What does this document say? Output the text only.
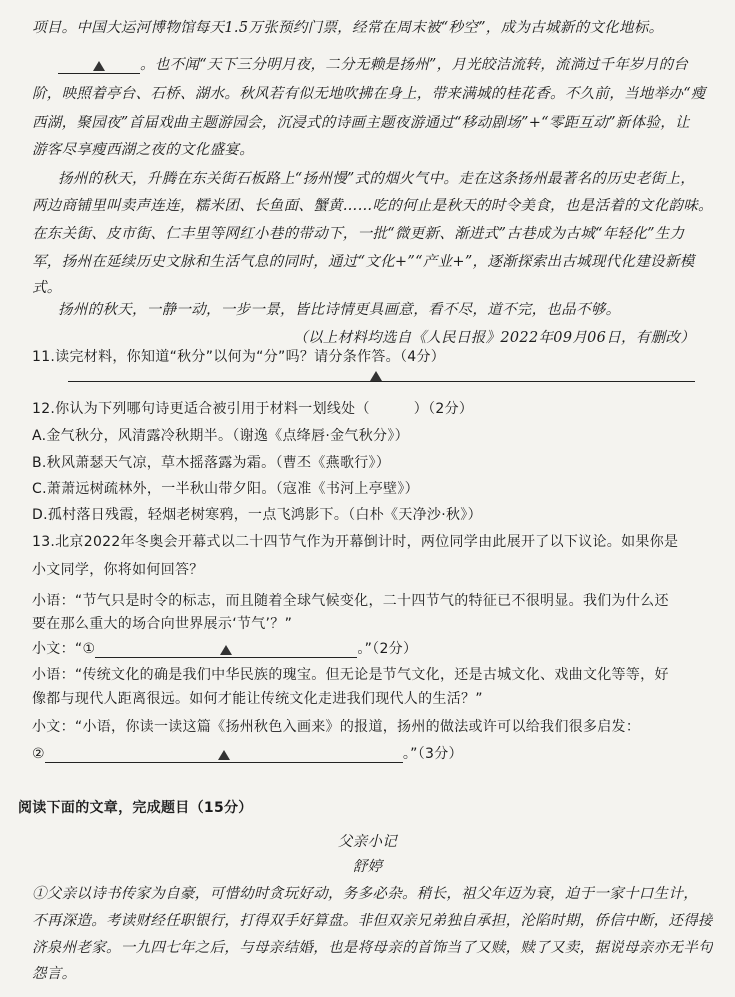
项目。中国大运河博物馆每天1.5万张预约门票，经常在周末被“秒空”，成为古城新的文化地标。
。也不闻“天下三分明月夜，二分无赖是扬州”，月光皎洁流转，流淌过千年岁月的台
阶，映照着亭台、石桥、湖水。秋风若有似无地吹拂在身上，带来满城的桂花香。不久前，当地举办“瘦
西湖，聚园夜”首届戏曲主题游园会，沉浸式的诗画主题夜游通过“移动剧场”+“零距互动”新体验，让
游客尽享瘦西湖之夜的文化盛宴。
扬州的秋天，升腾在东关街石板路上“扬州慢”式的烟火气中。走在这条扬州最著名的历史老街上，
两边商铺里叫卖声连连，糯米团、长鱼面、蟹黄……吃的何止是秋天的时令美食，也是活着的文化韵味。
在东关街、皮市街、仁丰里等网红小巷的带动下，一批“微更新、渐进式”古巷成为古城“年轻化”生力
军，扬州在延续历史文脉和生活气息的同时，通过“文化+”“产业+”，逐渐探索出古城现代化建设新模
式。
扬州的秋天，一静一动，一步一景，皆比诗情更具画意，看不尽，道不完，也品不够。
（以上材料均选自《人民日报》2022年09月06日，有删改）
11.读完材料，你知道“秋分”以何为“分”吗？请分条作答。（4分）
12.你认为下列哪句诗更适合被引用于材料一划线处（	）（2分）
A.金气秋分，风清露冷秋期半。（谢逸《点绛唇·金气秋分》）
B.秋风萧瑟天气凉，草木摇落露为霜。（曹丕《燕歌行》）
C.萧萧远树疏林外，一半秋山带夕阳。（寇准《书河上亭壁》）
D.孤村落日残霞，轻烟老树寒鸦，一点飞鸿影下。（白朴《天净沙·秋》）
13.北京2022年冬奥会开幕式以二十四节气作为开幕倒计时，两位同学由此展开了以下议论。如果你是
小文同学，你将如何回答？
小语：“节气只是时令的标志，而且随着全球气候变化，二十四节气的特征已不很明显。我们为什么还
要在那么重大的场合向世界展示‘节气’？”
小文：“①	。”（2分）
小语：“传统文化的确是我们中华民族的瑰宝。但无论是节气文化，还是古城文化、戏曲文化等等，好
像都与现代人距离很远。如何才能让传统文化走进我们现代人的生活？”
小文：“小语，你读一读这篇《扬州秋色入画来》的报道，扬州的做法或许可以给我们很多启发：
②	。”（3分）
阅读下面的文章，完成题目（15分）
父亲小记
舒婷
①父亲以诗书传家为自豪，可惜幼时贪玩好动，务多必杂。稍长，祖父年迈为衰，迫于一家十口生计，
不再深造。考读财经任职银行，打得双手好算盘。非但双亲兄弟独自承担，沦陷时期，侨信中断，还得接
济泉州老家。一九四七年之后，与母亲结婚，也是将母亲的首饰当了又赎，赎了又卖，据说母亲亦无半句
怨言。
